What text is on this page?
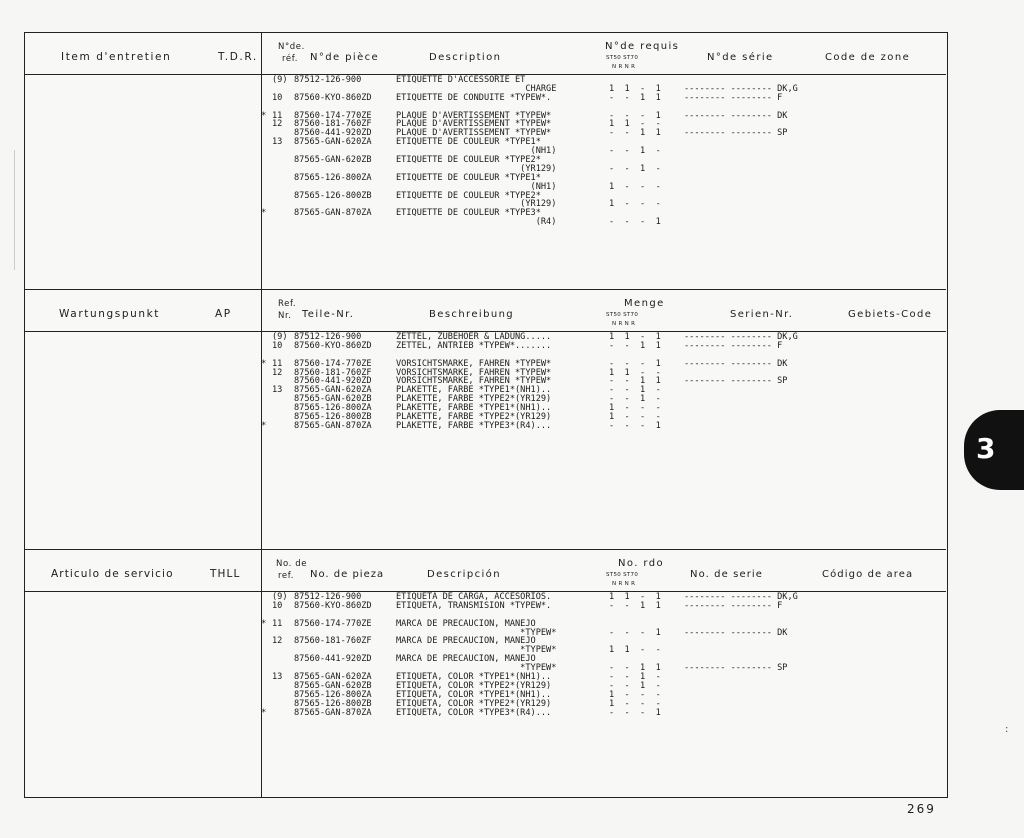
Item d'entretien	T.D.R.
N°de.
réf. N°de pièce	Description
N°de requis
ST50 ST70
N R N R
N°de série	Code de zone
(9) 87512-126-900	ETIQUETTE D'ACCESSORIE ET
CHARGE	1  1  -  1	-------- -------- DK,G
10 87560-KYO-860ZD	ETIQUETTE DE CONDUITE *TYPEW*.	-  -  1  1	-------- -------- F
* 11 87560-174-770ZE	PLAQUE D'AVERTISSEMENT *TYPEW*	-  -  -  1	-------- -------- DK
12 87560-181-760ZF	PLAQUE D'AVERTISSEMENT *TYPEW*	1  1  -  -
87560-441-920ZD	PLAQUE D'AVERTISSEMENT *TYPEW*	-  -  1  1	-------- -------- SP
13 87565-GAN-620ZA	ETIQUETTE DE COULEUR *TYPE1*
(NH1)	-  -  1  -
87565-GAN-620ZB	ETIQUETTE DE COULEUR *TYPE2*
(YR129)	-  -  1  -
87565-126-800ZA	ETIQUETTE DE COULEUR *TYPE1*
(NH1)	1  -  -  -
87565-126-800ZB	ETIQUETTE DE COULEUR *TYPE2*
(YR129)	1  -  -  -
*	87565-GAN-870ZA	ETIQUETTE DE COULEUR *TYPE3*
(R4)	-  -  -  1
Wartungspunkt	AP
Ref.
Nr. Teile-Nr.	Beschreibung
Menge
ST50 ST70
N R N R
Serien-Nr.	Gebiets-Code
(9) 87512-126-900	ZETTEL, ZUBEHOER & LADUNG.....	1  1  -  1	-------- -------- DK,G
10 87560-KYO-860ZD	ZETTEL, ANTRIEB *TYPEW*.......	-  -  1  1	-------- -------- F
* 11 87560-174-770ZE	VORSICHTSMARKE, FAHREN *TYPEW*	-  -  -  1	-------- -------- DK
12 87560-181-760ZF	VORSICHTSMARKE, FAHREN *TYPEW*	1  1  -  -
87560-441-920ZD	VORSICHTSMARKE, FAHREN *TYPEW*	-  -  1  1	-------- -------- SP
13 87565-GAN-620ZA	PLAKETTE, FARBE *TYPE1*(NH1)..	-  -  1  -
87565-GAN-620ZB	PLAKETTE, FARBE *TYPE2*(YR129)	-  -  1  -
87565-126-800ZA	PLAKETTE, FARBE *TYPE1*(NH1)..	1  -  -  -
87565-126-800ZB	PLAKETTE, FARBE *TYPE2*(YR129)	1  -  -  -
*	87565-GAN-870ZA	PLAKETTE, FARBE *TYPE3*(R4)...	-  -  -  1
Articulo de servicio	THLL
No. de
ref. No. de pieza	Descripción
No. rdo
ST50 ST70
N R N R
No. de serie	Código de area
(9) 87512-126-900	ETIQUETA DE CARGA, ACCESORIOS.	1  1  -  1	-------- -------- DK,G
10 87560-KYO-860ZD	ETIQUETA, TRANSMISION *TYPEW*.	-  -  1  1	-------- -------- F
* 11 87560-174-770ZE	MARCA DE PRECAUCION, MANEJO
*TYPEW*	-  -  -  1	-------- -------- DK
12 87560-181-760ZF	MARCA DE PRECAUCION, MANEJO
*TYPEW*	1  1  -  -
87560-441-920ZD	MARCA DE PRECAUCION, MANEJO
*TYPEW*	-  -  1  1	-------- -------- SP
13 87565-GAN-620ZA	ETIQUETA, COLOR *TYPE1*(NH1)..	-  -  1  -
87565-GAN-620ZB	ETIQUETA, COLOR *TYPE2*(YR129)	-  -  1  -
87565-126-800ZA	ETIQUETA, COLOR *TYPE1*(NH1)..	1  -  -  -
87565-126-800ZB	ETIQUETA, COLOR *TYPE2*(YR129)	1  -  -  -
*	87565-GAN-870ZA	ETIQUETA, COLOR *TYPE3*(R4)...	-  -  -  1
3
269
:
